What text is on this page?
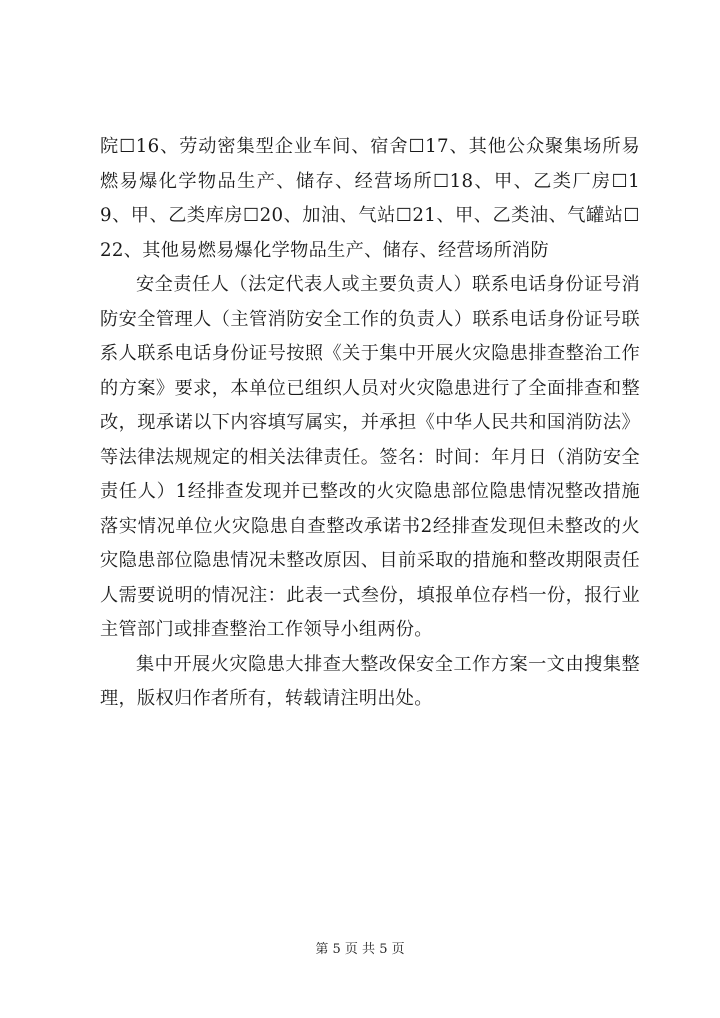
院☐16、劳动密集型企业车间、宿舍☐17、其他公众聚集场所易燃易爆化学物品生产、储存、经营场所☐18、甲、乙类厂房☐19、甲、乙类库房☐20、加油、气站☐21、甲、乙类油、气罐站☐22、其他易燃易爆化学物品生产、储存、经营场所消防

安全责任人（法定代表人或主要负责人）联系电话身份证号消防安全管理人（主管消防安全工作的负责人）联系电话身份证号联系人联系电话身份证号按照《关于集中开展火灾隐患排查整治工作的方案》要求，本单位已组织人员对火灾隐患进行了全面排查和整改，现承诺以下内容填写属实，并承担《中华人民共和国消防法》等法律法规规定的相关法律责任。签名：时间：年月日（消防安全责任人）1经排查发现并已整改的火灾隐患部位隐患情况整改措施落实情况单位火灾隐患自查整改承诺书2经排查发现但未整改的火灾隐患部位隐患情况未整改原因、目前采取的措施和整改期限责任人需要说明的情况注：此表一式叁份，填报单位存档一份，报行业主管部门或排查整治工作领导小组两份。

集中开展火灾隐患大排查大整改保安全工作方案一文由搜集整理，版权归作者所有，转载请注明出处。

第 5 页 共 5 页
